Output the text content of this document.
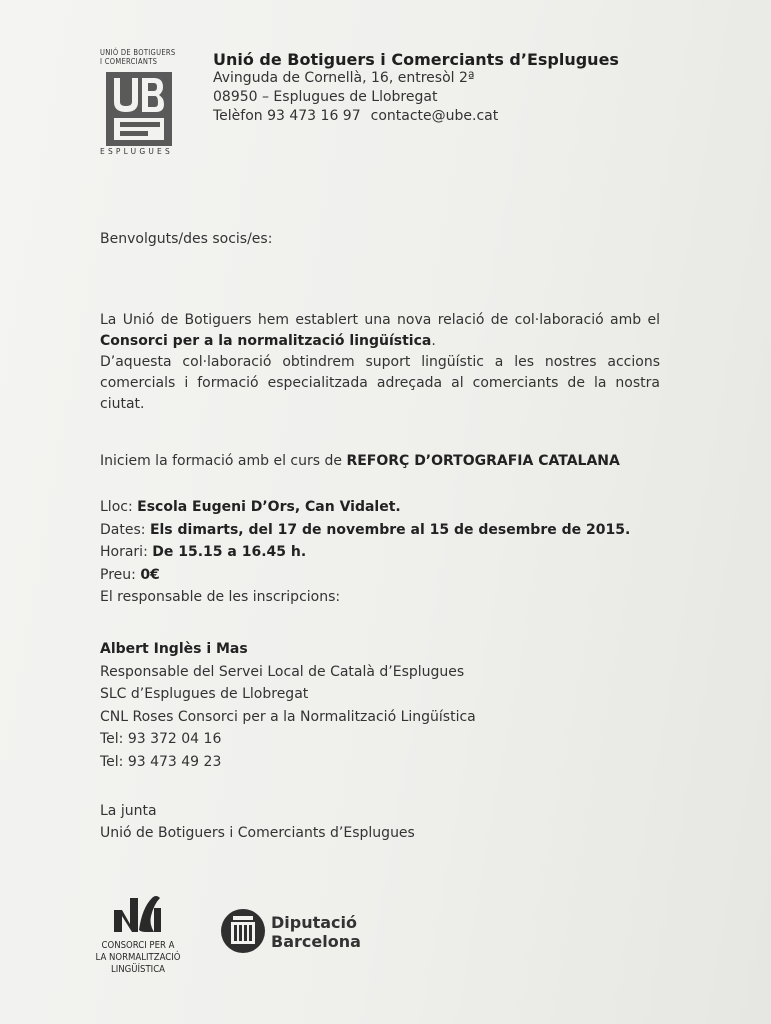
UNIÓ DE BOTIGUERS
I COMERCIANTS
ESPLUGUES
Unió de Botiguers i Comerciants d’Esplugues
Avinguda de Cornellà, 16, entresòl 2ª
08950 – Esplugues de Llobregat
Telèfon 93 473 16 97 contacte@ube.cat
Benvolguts/des socis/es:

La Unió de Botiguers hem establert una nova relació de col·laboració amb el Consorci per a la normalització lingüística.

D’aquesta col·laboració obtindrem suport lingüístic a les nostres accions comercials i formació especialitzada adreçada al comerciants de la nostra ciutat.

Iniciem la formació amb el curs de REFORÇ D’ORTOGRAFIA CATALANA
Lloc: Escola Eugeni D’Ors, Can Vidalet.
Dates: Els dimarts, del 17 de novembre al 15 de desembre de 2015.
Horari: De 15.15 a 16.45 h.
Preu: 0€
El responsable de les inscripcions:
Albert Inglès i Mas
Responsable del Servei Local de Català d’Esplugues
SLC d’Esplugues de Llobregat
CNL Roses Consorci per a la Normalització Lingüística
Tel: 93 372 04 16
Tel: 93 473 49 23
La junta
Unió de Botiguers i Comerciants d’Esplugues
CONSORCI PER A
LA NORMALITZACIÓ
LINGÜÍSTICA
Diputació
Barcelona
